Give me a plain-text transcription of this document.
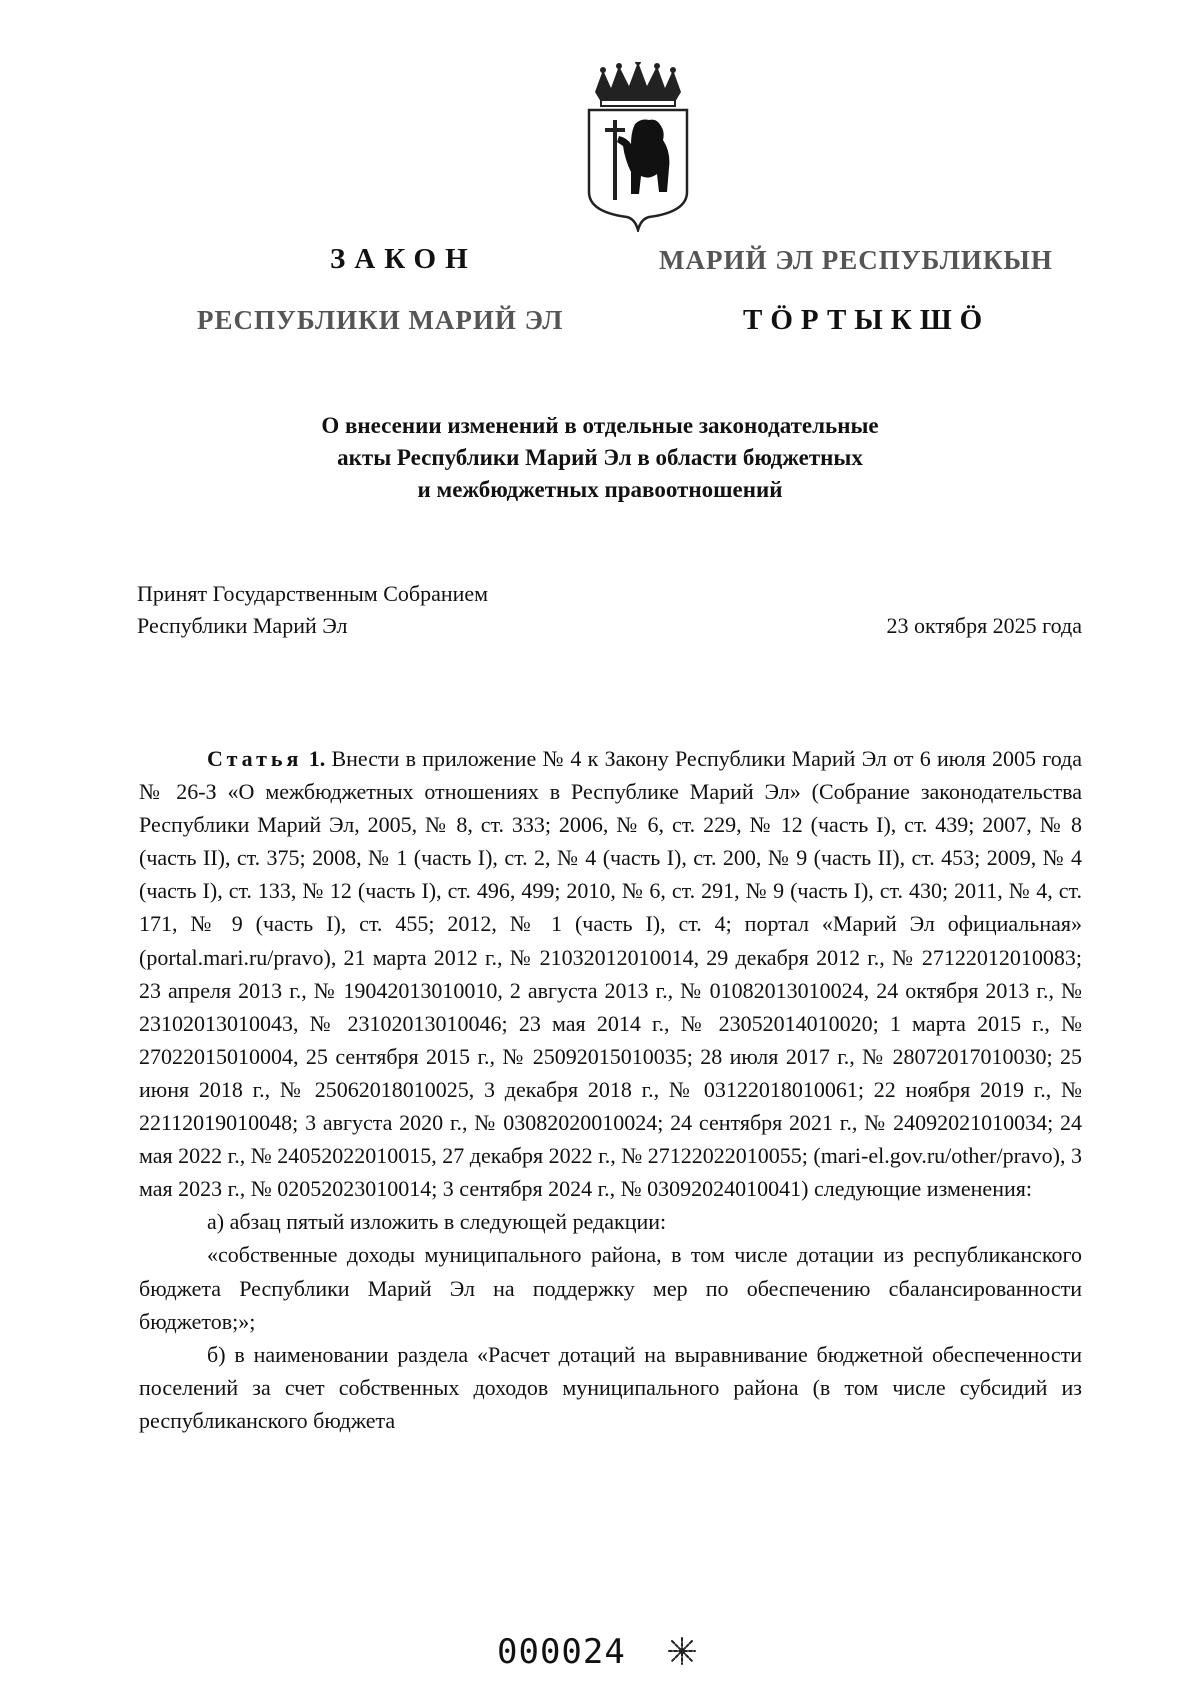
ЗАКОН
РЕСПУБЛИКИ МАРИЙ ЭЛ
МАРИЙ ЭЛ РЕСПУБЛИКЫН
ТӦРТЫКШӦ
О внесении изменений в отдельные законодательные
акты Республики Марий Эл в области бюджетных
и межбюджетных правоотношений
Принят Государственным Собранием
Республики Марий Эл	23 октября 2025 года

Статья 1. Внести в приложение № 4 к Закону Республики Марий Эл от 6 июля 2005 года № 26-З «О межбюджетных отношениях в Республике Марий Эл» (Собрание законодательства Республики Марий Эл, 2005, № 8, ст. 333; 2006, № 6, ст. 229, № 12 (часть I), ст. 439; 2007, № 8 (часть II), ст. 375; 2008, № 1 (часть I), ст. 2, № 4 (часть I), ст. 200, № 9 (часть II), ст. 453; 2009, № 4 (часть I), ст. 133, № 12 (часть I), ст. 496, 499; 2010, № 6, ст. 291, № 9 (часть I), ст. 430; 2011, № 4, ст. 171, № 9 (часть I), ст. 455; 2012, № 1 (часть I), ст. 4; портал «Марий Эл официальная» (portal.mari.ru/pravo), 21 марта 2012 г., № 21032012010014, 29 декабря 2012 г., № 27122012010083; 23 апреля 2013 г., № 19042013010010, 2 августа 2013 г., № 01082013010024, 24 октября 2013 г., № 23102013010043, № 23102013010046; 23 мая 2014 г., № 23052014010020; 1 марта 2015 г., № 27022015010004, 25 сентября 2015 г., № 25092015010035; 28 июля 2017 г., № 28072017010030; 25 июня 2018 г., № 25062018010025, 3 декабря 2018 г., № 03122018010061; 22 ноября 2019 г., № 22112019010048; 3 августа 2020 г., № 03082020010024; 24 сентября 2021 г., № 24092021010034; 24 мая 2022 г., № 24052022010015, 27 декабря 2022 г., № 27122022010055; (mari-el.gov.ru/other/pravo), 3 мая 2023 г., № 02052023010014; 3 сентября 2024 г., № 03092024010041) следующие изменения:

а) абзац пятый изложить в следующей редакции:

«собственные доходы муниципального района, в том числе дотации из республиканского бюджета Республики Марий Эл на поддержку мер по обеспечению сбалансированности бюджетов;»;

б) в наименовании раздела «Расчет дотаций на выравнивание бюджетной обеспеченности поселений за счет собственных доходов муниципального района (в том числе субсидий из республиканского бюджета

000024
